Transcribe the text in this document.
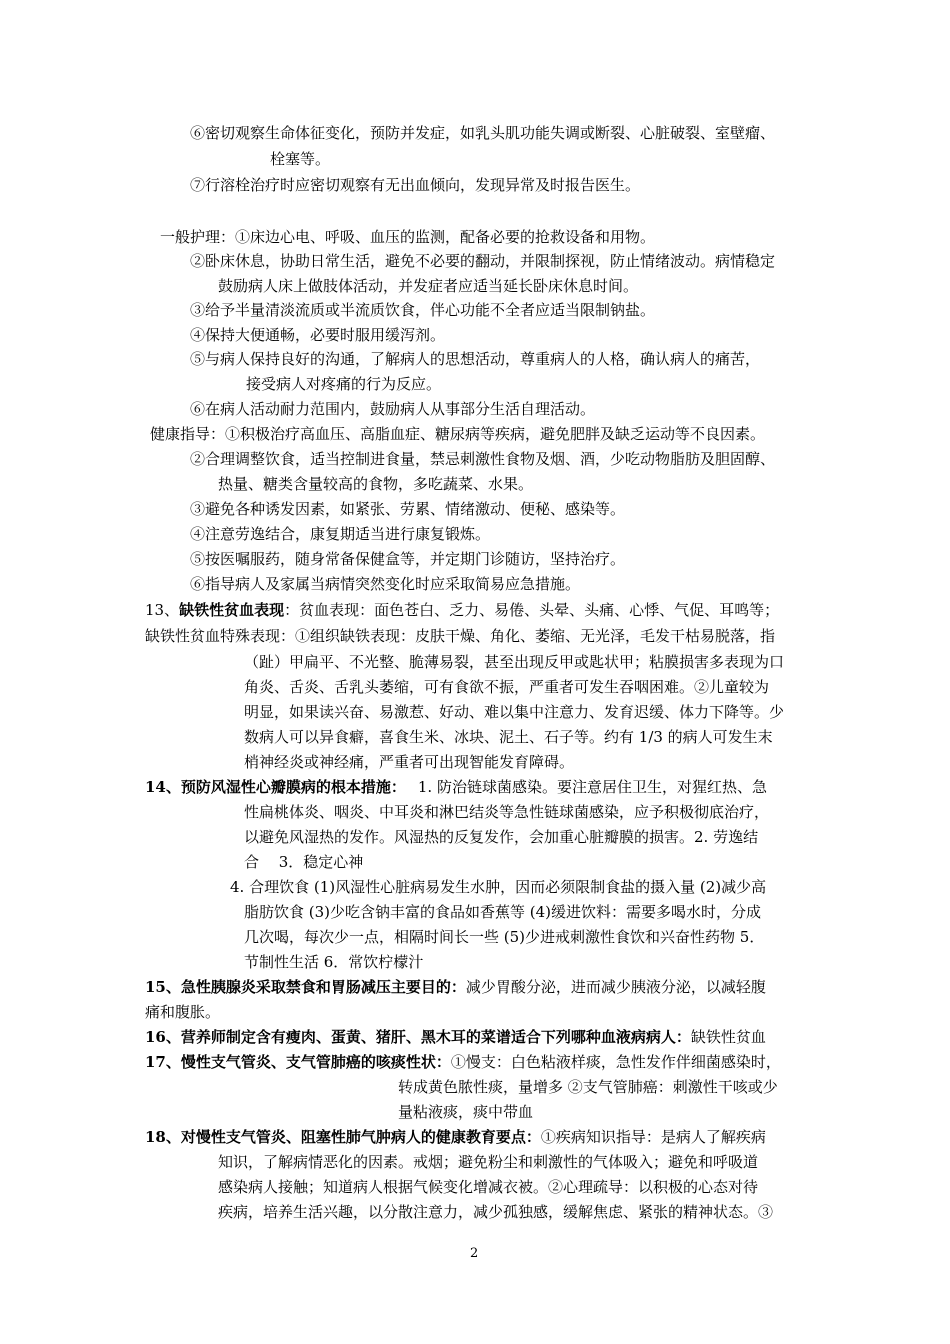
⑥密切观察生命体征变化，预防并发症，如乳头肌功能失调或断裂、心脏破裂、室壁瘤、
栓塞等。
⑦行溶栓治疗时应密切观察有无出血倾向，发现异常及时报告医生。
一般护理：①床边心电、呼吸、血压的监测，配备必要的抢救设备和用物。
②卧床休息，协助日常生活，避免不必要的翻动，并限制探视，防止情绪波动。病情稳定
鼓励病人床上做肢体活动，并发症者应适当延长卧床休息时间。
③给予半量清淡流质或半流质饮食，伴心功能不全者应适当限制钠盐。
④保持大便通畅，必要时服用缓泻剂。
⑤与病人保持良好的沟通，了解病人的思想活动，尊重病人的人格，确认病人的痛苦，
接受病人对疼痛的行为反应。
⑥在病人活动耐力范围内，鼓励病人从事部分生活自理活动。
健康指导：①积极治疗高血压、高脂血症、糖尿病等疾病，避免肥胖及缺乏运动等不良因素。
②合理调整饮食，适当控制进食量，禁忌刺激性食物及烟、酒，少吃动物脂肪及胆固醇、
热量、糖类含量较高的食物，多吃蔬菜、水果。
③避免各种诱发因素，如紧张、劳累、情绪激动、便秘、感染等。
④注意劳逸结合，康复期适当进行康复锻炼。
⑤按医嘱服药，随身常备保健盒等，并定期门诊随访，坚持治疗。
⑥指导病人及家属当病情突然变化时应采取简易应急措施。
13、缺铁性贫血表现：贫血表现：面色苍白、乏力、易倦、头晕、头痛、心悸、气促、耳鸣等；
缺铁性贫血特殊表现：①组织缺铁表现：皮肤干燥、角化、萎缩、无光泽，毛发干枯易脱落，指
（趾）甲扁平、不光整、脆薄易裂，甚至出现反甲或匙状甲；粘膜损害多表现为口
角炎、舌炎、舌乳头萎缩，可有食欲不振，严重者可发生吞咽困难。②儿童较为
明显，如果读兴奋、易激惹、好动、难以集中注意力、发育迟缓、体力下降等。少
数病人可以异食癖，喜食生米、冰块、泥土、石子等。约有 1/3 的病人可发生末
梢神经炎或神经痛，严重者可出现智能发育障碍。
14、预防风湿性心瓣膜病的根本措施： 1. 防治链球菌感染。要注意居住卫生，对猩红热、急
性扁桃体炎、咽炎、中耳炎和淋巴结炎等急性链球菌感染，应予积极彻底治疗，
以避免风湿热的发作。风湿热的反复发作，会加重心脏瓣膜的损害。2. 劳逸结
合　 3．稳定心神
4. 合理饮食 (1)风湿性心脏病易发生水肿，因而必须限制食盐的摄入量 (2)减少高
脂肪饮食 (3)少吃含钠丰富的食品如香蕉等 (4)缓进饮料：需要多喝水时，分成
几次喝，每次少一点，相隔时间长一些 (5)少进戒刺激性食饮和兴奋性药物 5．
节制性生活 6．常饮柠檬汁
15、急性胰腺炎采取禁食和胃肠减压主要目的：减少胃酸分泌，进而减少胰液分泌，以减轻腹
痛和腹胀。
16、营养师制定含有瘦肉、蛋黄、猪肝、黑木耳的菜谱适合下列哪种血液病病人：缺铁性贫血
17、慢性支气管炎、支气管肺癌的咳痰性状：①慢支：白色粘液样痰，急性发作伴细菌感染时，
转成黄色脓性痰，量增多 ②支气管肺癌：刺激性干咳或少
量粘液痰，痰中带血
18、对慢性支气管炎、阻塞性肺气肿病人的健康教育要点：①疾病知识指导：是病人了解疾病
知识，了解病情恶化的因素。戒烟；避免粉尘和刺激性的气体吸入；避免和呼吸道
感染病人接触；知道病人根据气候变化增减衣被。②心理疏导：以积极的心态对待
疾病，培养生活兴趣，以分散注意力，减少孤独感，缓解焦虑、紧张的精神状态。③
2
